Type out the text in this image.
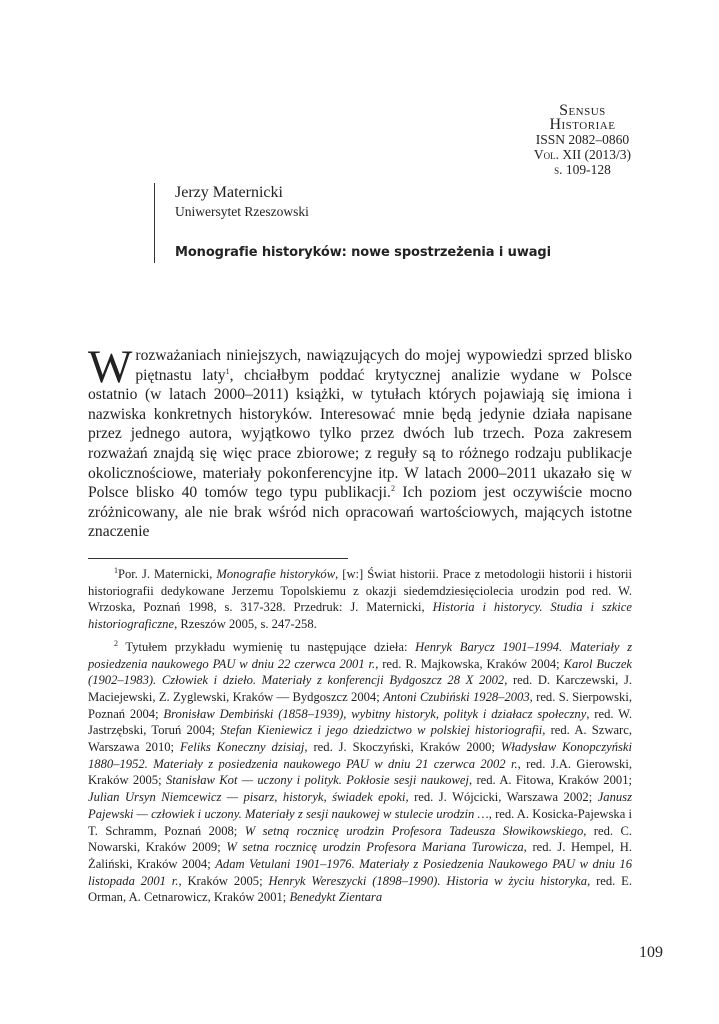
Sensus
Historiae
ISSN 2082–0860
Vol. XII (2013/3)
s. 109-128
Jerzy Maternicki
Uniwersytet Rzeszowski
Monografie historyków: nowe spostrzeżenia i uwagi
Wrozważaniach niniejszych, nawiązujących do mojej wypowiedzi sprzed blisko piętnastu laty$^1$, chciałbym poddać krytycznej analizie wydane w Polsce ostatnio (w latach 2000–2011) książki, w tytułach których pojawiają się imiona i nazwiska konkretnych historyków. Interesować mnie będą jedynie działa napisane przez jednego autora, wyjątkowo tylko przez dwóch lub trzech. Poza zakresem rozważań znajdą się więc prace zbiorowe; z reguły są to różnego rodzaju publikacje okolicznościowe, materiały pokonferencyjne itp. W latach 2000–2011 ukazało się w Polsce blisko 40 tomów tego typu publikacji.$^2$ Ich poziom jest oczywiście mocno zróżnicowany, ale nie brak wśród nich opracowań wartościowych, mających istotne znaczenie

$^1$Por. J. Maternicki, Monografie historyków, [w:] Świat historii. Prace z metodologii historii i historii historiografii dedykowane Jerzemu Topolskiemu z okazji siedemdziesięciolecia urodzin pod red. W. Wrzoska, Poznań 1998, s. 317-328. Przedruk: J. Maternicki, Historia i historycy. Studia i szkice historiograficzne, Rzeszów 2005, s. 247-258.

$^2$ Tytułem przykładu wymienię tu następujące dzieła: Henryk Barycz 1901–1994. Materiały z posiedzenia naukowego PAU w dniu 22 czerwca 2001 r., red. R. Majkowska, Kraków 2004; Karol Buczek (1902–1983). Człowiek i dzieło. Materiały z konferencji Bydgoszcz 28 X 2002, red. D. Karczewski, J. Maciejewski, Z. Zyglewski, Kraków — Bydgoszcz 2004; Antoni Czubiński 1928–2003, red. S. Sierpowski, Poznań 2004; Bronisław Dembiński (1858–1939), wybitny historyk, polityk i działacz społeczny, red. W. Jastrzębski, Toruń 2004; Stefan Kieniewicz i jego dziedzictwo w polskiej historiografii, red. A. Szwarc, Warszawa 2010; Feliks Koneczny dzisiaj, red. J. Skoczyński, Kraków 2000; Władysław Konopczyński 1880–1952. Materiały z posiedzenia naukowego PAU w dniu 21 czerwca 2002 r., red. J.A. Gierowski, Kraków 2005; Stanisław Kot — uczony i polityk. Pokłosie sesji naukowej, red. A. Fitowa, Kraków 2001; Julian Ursyn Niemcewicz — pisarz, historyk, świadek epoki, red. J. Wójcicki, Warszawa 2002; Janusz Pajewski — człowiek i uczony. Materiały z sesji naukowej w stulecie urodzin …, red. A. Kosicka-Pajewska i T. Schramm, Poznań 2008; W setną rocznicę urodzin Profesora Tadeusza Słowikowskiego, red. C. Nowarski, Kraków 2009; W setna rocznicę urodzin Profesora Mariana Turowicza, red. J. Hempel, H. Żaliński, Kraków 2004; Adam Vetulani 1901–1976. Materiały z Posiedzenia Naukowego PAU w dniu 16 listopada 2001 r., Kraków 2005; Henryk Wereszycki (1898–1990). Historia w życiu historyka, red. E. Orman, A. Cetnarowicz, Kraków 2001; Benedykt Zientara

109
